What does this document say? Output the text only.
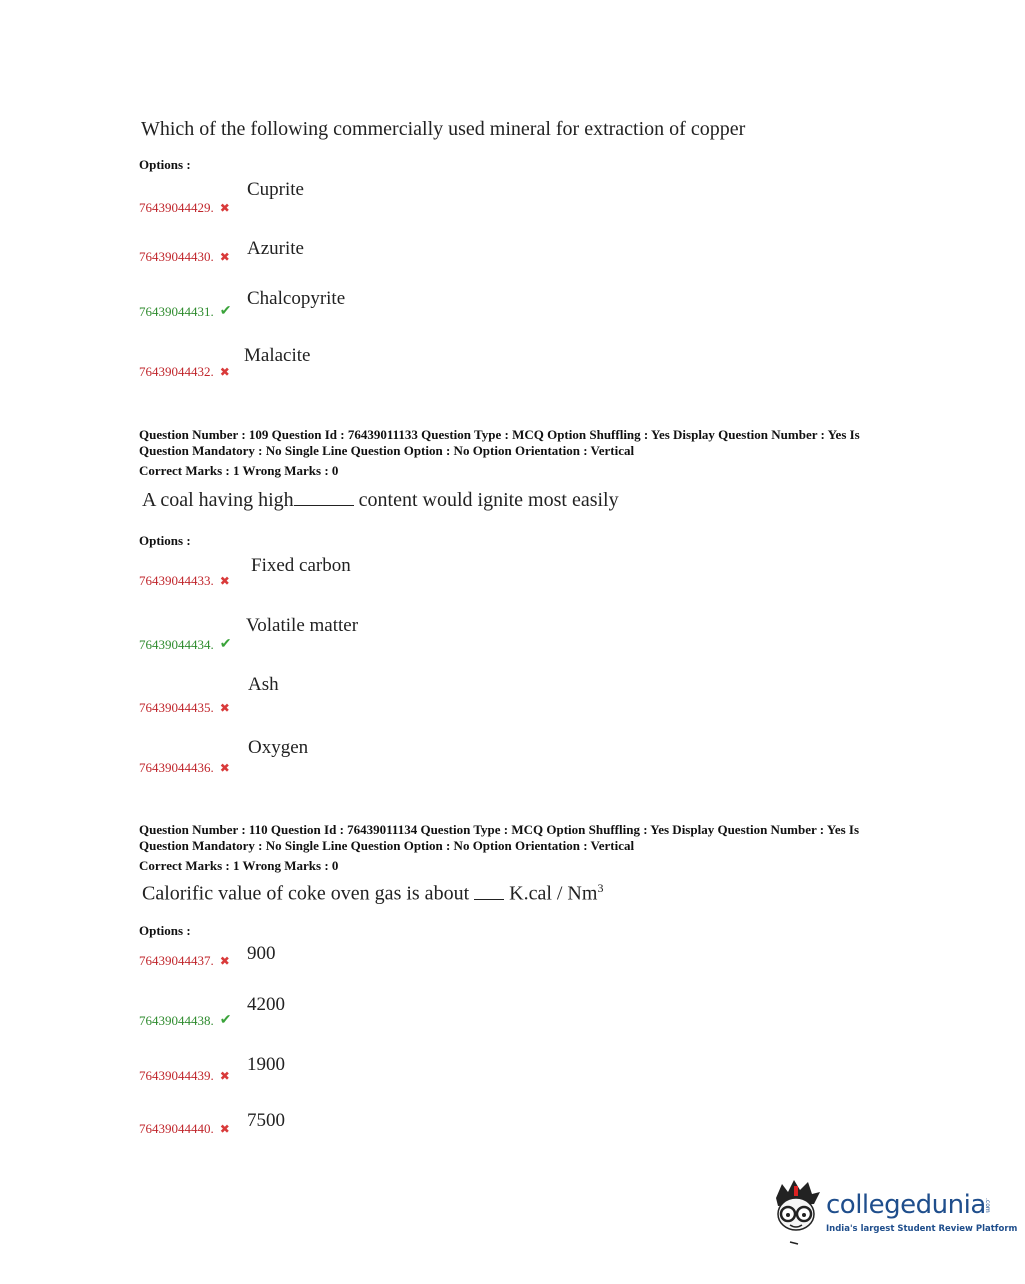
Which of the following commercially used mineral for extraction of copper
Options :
Cuprite
76439044429. ✖
Azurite
76439044430. ✖
Chalcopyrite
76439044431. ✔
Malacite
76439044432. ✖
Question Number : 109 Question Id : 76439011133 Question Type : MCQ Option Shuffling : Yes Display Question Number : Yes Is Question Mandatory : No Single Line Question Option : No Option Orientation : Vertical
Correct Marks : 1 Wrong Marks : 0
A coal having high	content would ignite most easily
Options :
Fixed carbon
76439044433. ✖
Volatile matter
76439044434. ✔
Ash
76439044435. ✖
Oxygen
76439044436. ✖
Question Number : 110 Question Id : 76439011134 Question Type : MCQ Option Shuffling : Yes Display Question Number : Yes Is Question Mandatory : No Single Line Question Option : No Option Orientation : Vertical
Correct Marks : 1 Wrong Marks : 0
Calorific value of coke oven gas is about K.cal / Nm$^3$
Options :
900
76439044437. ✖
4200
76439044438. ✔
1900
76439044439. ✖
7500
76439044440. ✖
collegedunia
.com
India's largest Student Review Platform
